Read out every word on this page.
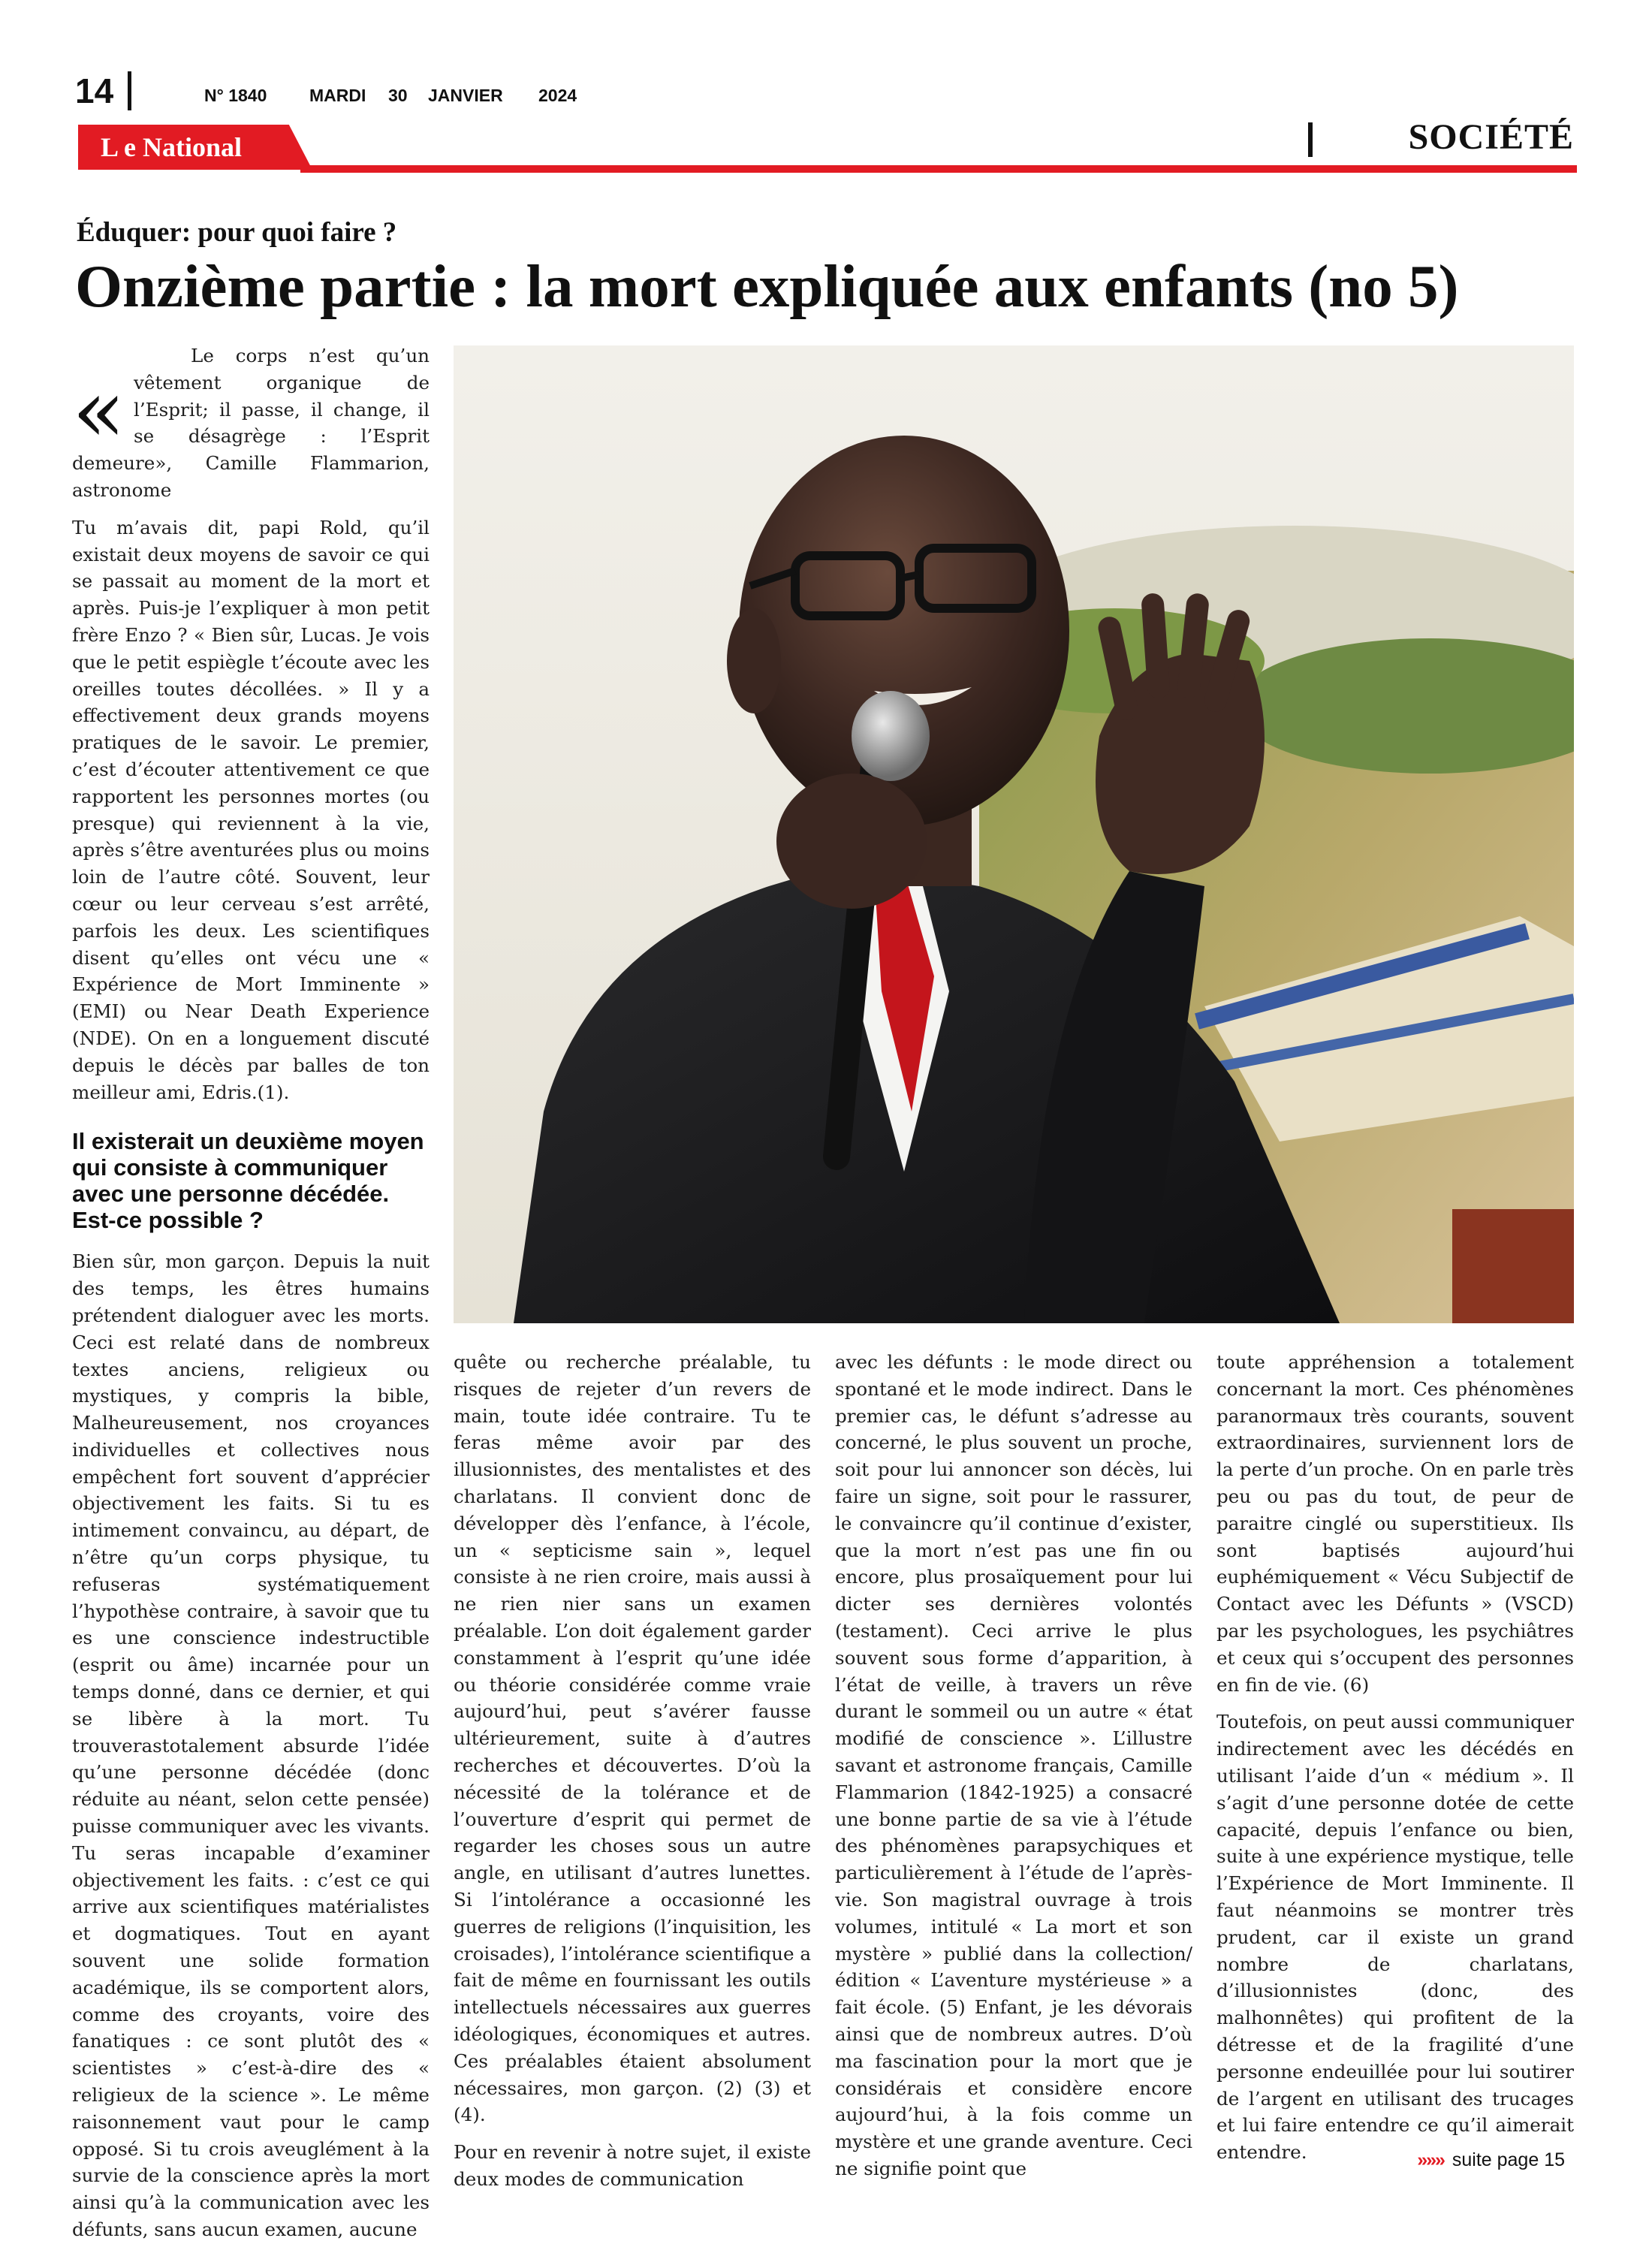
14	N° 1840 MARDI 30 JANVIER 2024
L e National	SOCIÉTÉ
Éduquer: pour quoi faire ?
Onzième partie : la mort expliquée aux enfants (no 5)
«
Le corps n’est qu’un vêtement organique de l’Esprit; il passe, il change, il se désagrège : l’Esprit demeure», Camille Flammarion, astronome

Tu m’avais dit, papi Rold, qu’il existait deux moyens de savoir ce qui se passait au moment de la mort et après. Puis-je l’expliquer à mon petit frère Enzo ? « Bien sûr, Lucas. Je vois que le petit espiègle t’écoute avec les oreilles toutes décollées. » Il y a effectivement deux grands moyens pratiques de le savoir. Le premier, c’est d’écouter attentivement ce que rapportent les personnes mortes (ou presque) qui reviennent à la vie, après s’être aventurées plus ou moins loin de l’autre côté. Souvent, leur cœur ou leur cerveau s’est arrêté, parfois les deux. Les scientifiques disent qu’elles ont vécu une « Expérience de Mort Imminente » (EMI) ou Near Death Experience (NDE). On en a longuement discuté depuis le décès par balles de ton meilleur ami, Edris.(1).

Il existerait un deuxième moyen qui consiste à communiquer avec une personne décédée. Est-ce possible ?

Bien sûr, mon garçon. Depuis la nuit des temps, les êtres humains prétendent dialoguer avec les morts. Ceci est relaté dans de nombreux textes anciens, religieux ou mystiques, y compris la bible, Malheureusement, nos croyances individuelles et collectives nous empêchent fort souvent d’apprécier objectivement les faits. Si tu es intimement convaincu, au départ, de n’être qu’un corps physique, tu refuseras systématiquement l’hypothèse contraire, à savoir que tu es une conscience indestructible (esprit ou âme) incarnée pour un temps donné, dans ce dernier, et qui se libère à la mort. Tu trouverastotalement absurde l’idée qu’une personne décédée (donc réduite au néant, selon cette pensée) puisse communiquer avec les vivants. Tu seras incapable d’examiner objectivement les faits. : c’est ce qui arrive aux scientifiques matérialistes et dogmatiques. Tout en ayant souvent une solide formation académique, ils se comportent alors, comme des croyants, voire des fanatiques : ce sont plutôt des « scientistes » c’est-à-dire des « religieux de la science ». Le même raisonnement vaut pour le camp opposé. Si tu crois aveuglément à la survie de la conscience après la mort ainsi qu’à la communication avec les défunts, sans aucun examen, aucune

quête ou recherche préalable, tu risques de rejeter d’un revers de main, toute idée contraire. Tu te feras même avoir par des illusionnistes, des mentalistes et des charlatans. Il convient donc de développer dès l’enfance, à l’école, un « septicisme sain », lequel consiste à ne rien croire, mais aussi à ne rien nier sans un examen préalable. L’on doit également garder constamment à l’esprit qu’une idée ou théorie considérée comme vraie aujourd’hui, peut s’avérer fausse ultérieurement, suite à d’autres recherches et découvertes. D’où la nécessité de la tolérance et de l’ouverture d’esprit qui permet de regarder les choses sous un autre angle, en utilisant d’autres lunettes. Si l’intolérance a occasionné les guerres de religions (l’inquisition, les croisades), l’intolérance scientifique a fait de même en fournissant les outils intellectuels nécessaires aux guerres idéologiques, économiques et autres. Ces préalables étaient absolument nécessaires, mon garçon. (2) (3) et (4).

Pour en revenir à notre sujet, il existe deux modes de communication

avec les défunts : le mode direct ou spontané et le mode indirect. Dans le premier cas, le défunt s’adresse au concerné, le plus souvent un proche, soit pour lui annoncer son décès, lui faire un signe, soit pour le rassurer, le convaincre qu’il continue d’exister, que la mort n’est pas une fin ou encore, plus prosaïquement pour lui dicter ses dernières volontés (testament). Ceci arrive le plus souvent sous forme d’apparition, à l’état de veille, à travers un rêve durant le sommeil ou un autre « état modifié de conscience ». L’illustre savant et astronome français, Camille Flammarion (1842-1925) a consacré une bonne partie de sa vie à l’étude des phénomènes parapsychiques et particulièrement à l’étude de l’après-vie. Son magistral ouvrage à trois volumes, intitulé « La mort et son mystère » publié dans la collection/édition « L’aventure mystérieuse » a fait école. (5) Enfant, je les dévorais ainsi que de nombreux autres. D’où ma fascination pour la mort que je considérais et considère encore aujourd’hui, à la fois comme un mystère et une grande aventure. Ceci ne signifie point que

toute appréhension a totalement concernant la mort. Ces phénomènes paranormaux très courants, souvent extraordinaires, surviennent lors de la perte d’un proche. On en parle très peu ou pas du tout, de peur de paraitre cinglé ou superstitieux. Ils sont baptisés aujourd’hui euphémiquement « Vécu Subjectif de Contact avec les Défunts » (VSCD) par les psychologues, les psychiâtres et ceux qui s’occupent des personnes en fin de vie. (6)

Toutefois, on peut aussi communiquer indirectement avec les décédés en utilisant l’aide d’un « médium ». Il s’agit d’une personne dotée de cette capacité, depuis l’enfance ou bien, suite à une expérience mystique, telle l’Expérience de Mort Imminente. Il faut néanmoins se montrer très prudent, car il existe un grand nombre de charlatans, d’illusionnistes (donc, des malhonnêtes) qui profitent de la détresse et de la fragilité d’une personne endeuillée pour lui soutirer de l’argent en utilisant des trucages et lui faire entendre ce qu’il aimerait entendre.	»»» suite page 15
